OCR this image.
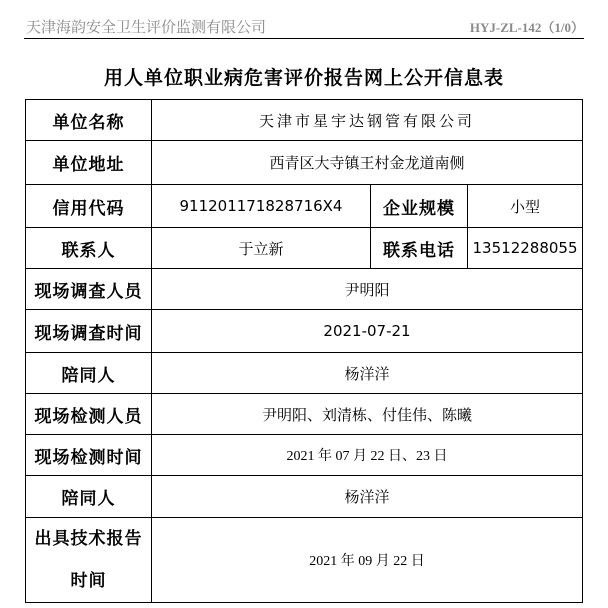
天津海韵安全卫生评价监测有限公司	HYJ-ZL-142（1/0）
用人单位职业病危害评价报告网上公开信息表
单位名称	天津市星宇达钢管有限公司		
单位地址	西青区大寺镇王村金龙道南侧		
信用代码	911201171828716X4	企业规模	小型
联系人	于立新	联系电话	13512288055
现场调查人员	尹明阳		
现场调查时间	2021-07-21		
陪同人	杨洋洋		
现场检测人员	尹明阳、刘清栋、付佳伟、陈曦		
现场检测时间	2021 年 07 月 22 日、23 日		
陪同人	杨洋洋		

出具技术报告
时间	2021 年 09 月 22 日		
